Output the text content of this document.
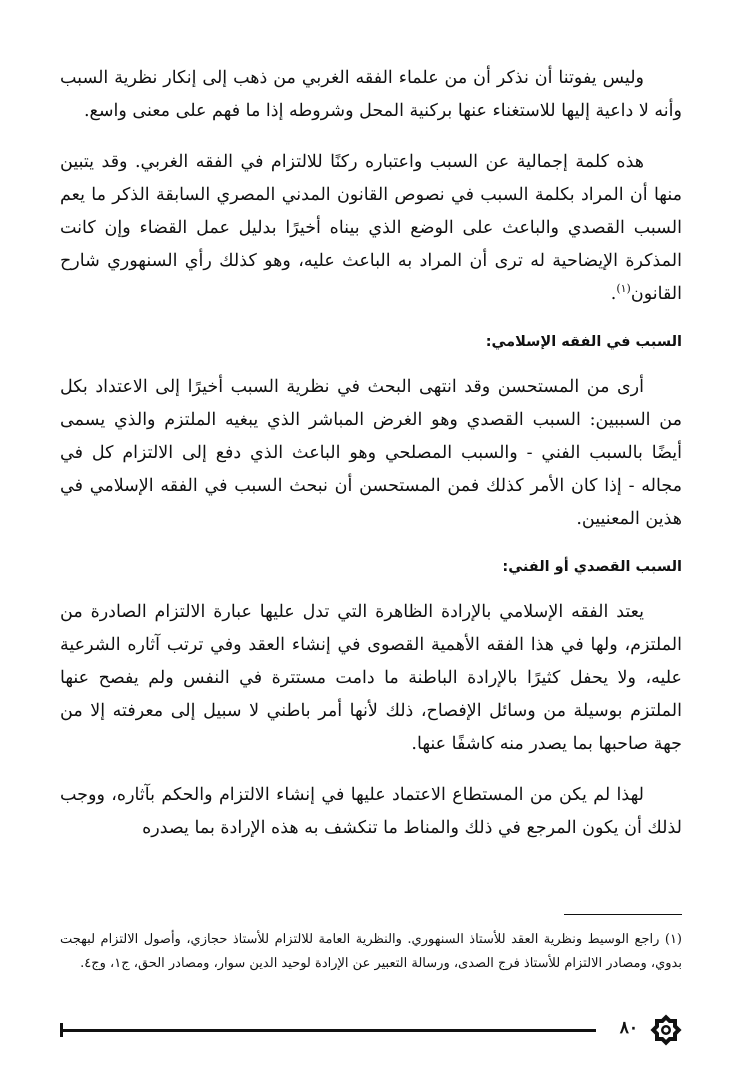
وليس يفوتنا أن نذكر أن من علماء الفقه الغربي من ذهب إلى إنكار نظرية السبب وأنه لا داعية إليها للاستغناء عنها بركنية المحل وشروطه إذا ما فهم على معنى واسع.

هذه كلمة إجمالية عن السبب واعتباره ركنًا للالتزام في الفقه الغربي. وقد يتبين منها أن المراد بكلمة السبب في نصوص القانون المدني المصري السابقة الذكر ما يعم السبب القصدي والباعث على الوضع الذي بيناه أخيرًا بدليل عمل القضاء وإن كانت المذكرة الإيضاحية له ترى أن المراد به الباعث عليه، وهو كذلك رأي السنهوري شارح القانون$^{(١)}$.

السبب في الفقه الإسلامي:

أرى من المستحسن وقد انتهى البحث في نظرية السبب أخيرًا إلى الاعتداد بكل من السببين: السبب القصدي وهو الغرض المباشر الذي يبغيه الملتزم والذي يسمى أيضًا بالسبب الفني - والسبب المصلحي وهو الباعث الذي دفع إلى الالتزام كل في مجاله - إذا كان الأمر كذلك فمن المستحسن أن نبحث السبب في الفقه الإسلامي في هذين المعنيين.

السبب القصدي أو الفني:

يعتد الفقه الإسلامي بالإرادة الظاهرة التي تدل عليها عبارة الالتزام الصادرة من الملتزم، ولها في هذا الفقه الأهمية القصوى في إنشاء العقد وفي ترتب آثاره الشرعية عليه، ولا يحفل كثيرًا بالإرادة الباطنة ما دامت مستترة في النفس ولم يفصح عنها الملتزم بوسيلة من وسائل الإفصاح، ذلك لأنها أمر باطني لا سبيل إلى معرفته إلا من جهة صاحبها بما يصدر منه كاشفًا عنها.

لهذا لم يكن من المستطاع الاعتماد عليها في إنشاء الالتزام والحكم بآثاره، ووجب لذلك أن يكون المرجع في ذلك والمناط ما تنكشف به هذه الإرادة بما يصدره

(١) راجع الوسيط ونظرية العقد للأستاذ السنهوري. والنظرية العامة للالتزام للأستاذ حجازي، وأصول الالتزام لبهجت بدوي، ومصادر الالتزام للأستاذ فرج الصدى، ورسالة التعبير عن الإرادة لوحيد الدين سوار، ومصادر الحق، ج١، وج٤.

٨٠
